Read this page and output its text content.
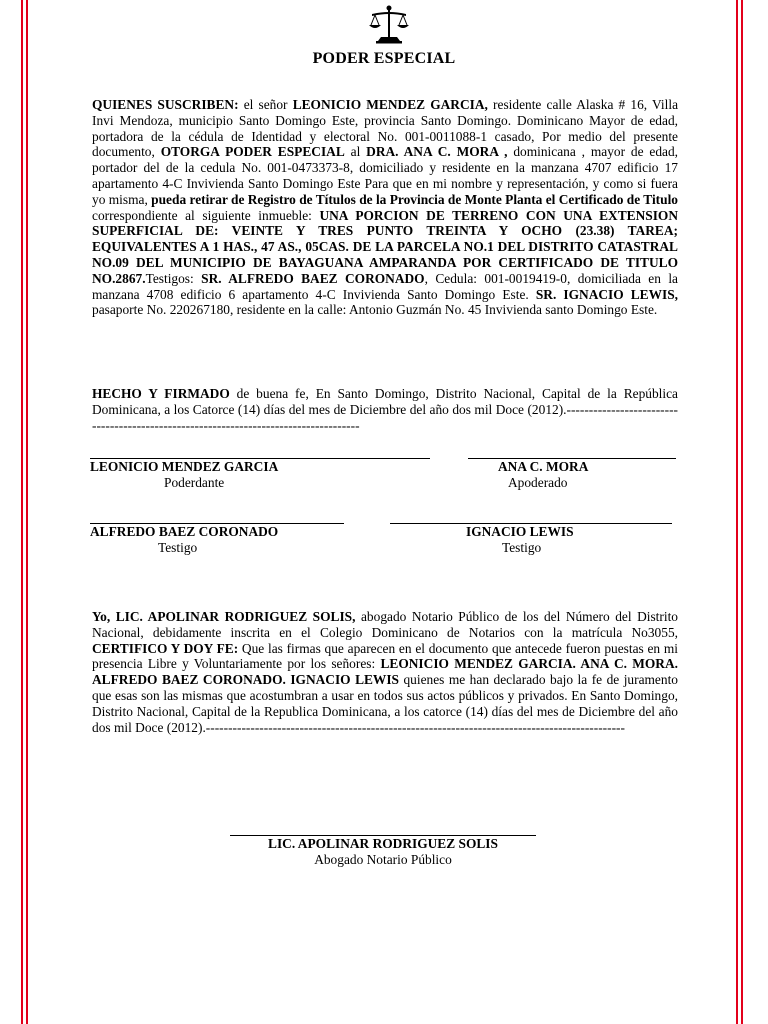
PODER ESPECIAL

QUIENES SUSCRIBEN: el señor LEONICIO MENDEZ GARCIA, residente calle Alaska # 16, Villa Invi Mendoza, municipio Santo Domingo Este, provincia Santo Domingo. Dominicano Mayor de edad, portadora de la cédula de Identidad y electoral No. 001-0011088-1 casado, Por medio del presente documento, OTORGA PODER ESPECIAL al DRA. ANA C. MORA , dominicana , mayor de edad, portador del de la cedula No. 001-0473373-8, domiciliado y residente en la manzana 4707 edificio 17 apartamento 4-C Invivienda Santo Domingo Este Para que en mi nombre y representación, y como si fuera yo misma, pueda retirar de Registro de Títulos de la Provincia de Monte Planta el Certificado de Titulo correspondiente al siguiente inmueble: UNA PORCION DE TERRENO CON UNA EXTENSION SUPERFICIAL DE: VEINTE Y TRES PUNTO TREINTA Y OCHO (23.38) TAREA; EQUIVALENTES A 1 HAS., 47 AS., 05CAS. DE LA PARCELA NO.1 DEL DISTRITO CATASTRAL NO.09 DEL MUNICIPIO DE BAYAGUANA AMPARANDA POR CERTIFICADO DE TITULO NO.2867.Testigos: SR. ALFREDO BAEZ CORONADO, Cedula: 001-0019419-0, domiciliada en la manzana 4708 edificio 6 apartamento 4-C Invivienda Santo Domingo Este. SR. IGNACIO LEWIS, pasaporte No. 220267180, residente en la calle: Antonio Guzmán No. 45 Invivienda santo Domingo Este.

HECHO Y FIRMADO de buena fe, En Santo Domingo, Distrito Nacional, Capital de la República Dominicana, a los Catorce (14) días del mes de Diciembre del año dos mil Doce (2012).-------------------------------------------------------------------------------------

LEONICIO MENDEZ GARCIA
Poderdante
ANA C. MORA
Apoderado
ALFREDO BAEZ CORONADO
Testigo
IGNACIO LEWIS
Testigo

Yo, LIC. APOLINAR RODRIGUEZ SOLIS, abogado Notario Público de los del Número del Distrito Nacional, debidamente inscrita en el Colegio Dominicano de Notarios con la matrícula No3055, CERTIFICO Y DOY FE: Que las firmas que aparecen en el documento que antecede fueron puestas en mi presencia Libre y Voluntariamente por los señores: LEONICIO MENDEZ GARCIA. ANA C. MORA. ALFREDO BAEZ CORONADO. IGNACIO LEWIS quienes me han declarado bajo la fe de juramento que esas son las mismas que acostumbran a usar en todos sus actos públicos y privados. En Santo Domingo, Distrito Nacional, Capital de la Republica Dominicana, a los catorce (14) días del mes de Diciembre del año dos mil Doce (2012).----------------------------------------------------------------------------------------------

LIC. APOLINAR RODRIGUEZ SOLIS
Abogado Notario Público
